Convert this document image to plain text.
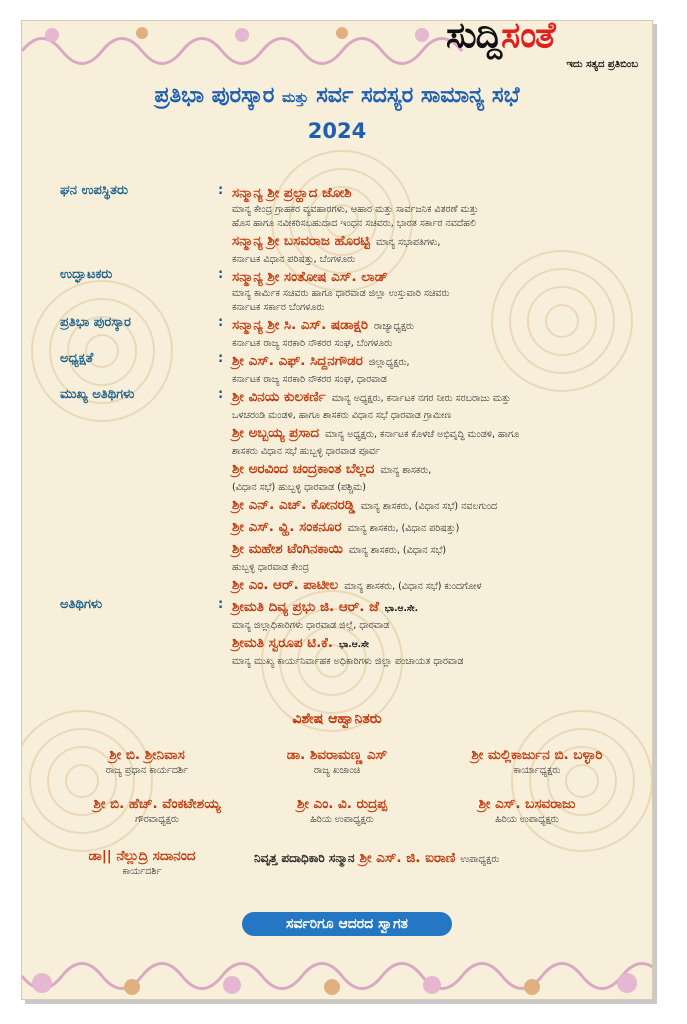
ಸುದ್ದಿಸಂತೆ
ಇದು ಸತ್ಯದ ಪ್ರತಿಬಿಂಬ
ಪ್ರತಿಭಾ ಪುರಸ್ಕಾರ ಮತ್ತು ಸರ್ವ ಸದಸ್ಯರ ಸಾಮಾನ್ಯ ಸಭೆ
2024
ಘನ ಉಪಸ್ಥಿತರು	: ಸನ್ಮಾನ್ಯ ಶ್ರೀ ಪ್ರಲ್ಹಾದ ಜೋಶಿ
ಮಾನ್ಯ ಕೇಂದ್ರ ಗ್ರಾಹಕರ ವ್ಯವಹಾರಗಳು, ಆಹಾರ ಮತ್ತು ಸಾರ್ವಜನಿಕ ವಿತರಣೆ ಮತ್ತು
ಹೊಸ ಹಾಗೂ ನವೀಕರಿಸಬಹುದಾದ ಇಂಧನ ಸಚಿವರು, ಭಾರತ ಸರ್ಕಾರ ನವದೆಹಲಿ
ಸನ್ಮಾನ್ಯ ಶ್ರೀ ಬಸವರಾಜ ಹೊರಟ್ಟಿ ಮಾನ್ಯ ಸಭಾಪತಿಗಳು,
ಕರ್ನಾಟಕ ವಿಧಾನ ಪರಿಷತ್ತು, ಬೆಂಗಳೂರು
ಉದ್ಘಾಟಕರು	: ಸನ್ಮಾನ್ಯ ಶ್ರೀ ಸಂತೋಷ ಎಸ್. ಲಾಡ್
ಮಾನ್ಯ ಕಾರ್ಮಿಕ ಸಚಿವರು ಹಾಗೂ ಧಾರವಾಡ ಜಿಲ್ಲಾ ಉಸ್ತುವಾರಿ ಸಚಿವರು
ಕರ್ನಾಟಕ ಸರ್ಕಾರ ಬೆಂಗಳೂರು
ಪ್ರತಿಭಾ ಪುರಸ್ಕಾರ	: ಸನ್ಮಾನ್ಯ ಶ್ರೀ ಸಿ. ಎಸ್. ಷಡಾಕ್ಷರಿ ರಾಜ್ಯಾಧ್ಯಕ್ಷರು
ಕರ್ನಾಟಕ ರಾಜ್ಯ ಸರಕಾರಿ ನೌಕರರ ಸಂಘ, ಬೆಂಗಳೂರು
ಅಧ್ಯಕ್ಷತೆ	: ಶ್ರೀ ಎಸ್. ಎಫ್. ಸಿದ್ದನಗೌಡರ ಜಿಲ್ಲಾಧ್ಯಕ್ಷರು,
ಕರ್ನಾಟಕ ರಾಜ್ಯ ಸರಕಾರಿ ನೌಕರರ ಸಂಘ, ಧಾರವಾಡ
ಮುಖ್ಯ ಅತಿಥಿಗಳು	: ಶ್ರೀ ವಿನಯ ಕುಲಕರ್ಣಿ ಮಾನ್ಯ ಅಧ್ಯಕ್ಷರು, ಕರ್ನಾಟಕ ನಗರ ನೀರು ಸರಬರಾಜು ಮತ್ತು
ಒಳಚರಂಡಿ ಮಂಡಳಿ, ಹಾಗೂ ಶಾಸಕರು ವಿಧಾನ ಸಭೆ ಧಾರವಾಡ ಗ್ರಾಮೀಣ
ಶ್ರೀ ಅಬ್ಬಯ್ಯ ಪ್ರಸಾದ ಮಾನ್ಯ ಅಧ್ಯಕ್ಷರು, ಕರ್ನಾಟಕ ಕೊಳಚೆ ಅಭಿವೃದ್ಧಿ ಮಂಡಳಿ, ಹಾಗೂ
ಶಾಸಕರು ವಿಧಾನ ಸಭೆ ಹುಬ್ಬಳ್ಳಿ ಧಾರವಾಡ ಪೂರ್ವ
ಶ್ರೀ ಅರವಿಂದ ಚಂದ್ರಕಾಂತ ಬೆಲ್ಲದ ಮಾನ್ಯ ಶಾಸಕರು,
(ವಿಧಾನ ಸಭೆ) ಹುಬ್ಬಳ್ಳಿ ಧಾರವಾಡ (ಪಶ್ಚಿಮ)
ಶ್ರೀ ಎನ್. ಎಚ್. ಕೋನರಡ್ಡಿ ಮಾನ್ಯ ಶಾಸಕರು, (ವಿಧಾನ ಸಭೆ) ನವಲಗುಂದ
ಶ್ರೀ ಎಸ್. ವ್ಹಿ. ಸಂಕನೂರ ಮಾನ್ಯ ಶಾಸಕರು, (ವಿಧಾನ ಪರಿಷತ್ತು)
ಶ್ರೀ ಮಹೇಶ ಟೆಂಗಿನಕಾಯಿ ಮಾನ್ಯ ಶಾಸಕರು, (ವಿಧಾನ ಸಭೆ)
ಹುಬ್ಬಳ್ಳಿ ಧಾರವಾಡ ಕೇಂದ್ರ
ಶ್ರೀ ಎಂ. ಆರ್. ಪಾಟೀಲ ಮಾನ್ಯ ಶಾಸಕರು, (ವಿಧಾನ ಸಭೆ) ಕುಂದಗೋಳ
ಅತಿಥಿಗಳು	: ಶ್ರೀಮತಿ ದಿವ್ಯ ಪ್ರಭು ಜಿ. ಆರ್. ಜೆ ಭಾ.ಆ.ಸೇ.
ಮಾನ್ಯ ಜಿಲ್ಲಾಧಿಕಾರಿಗಳು ಧಾರವಾಡ ಜಿಲ್ಲೆ, ಧಾರವಾಡ
ಶ್ರೀಮತಿ ಸ್ವರೂಪ ಟಿ.ಕೆ. ಭಾ.ಆ.ಸೇ
ಮಾನ್ಯ ಮುಖ್ಯ ಕಾರ್ಯನಿರ್ವಾಹಕ ಅಧಿಕಾರಿಗಳು ಜಿಲ್ಲಾ ಪಂಚಾಯತ ಧಾರವಾಡ
ವಿಶೇಷ ಆಹ್ವಾನಿತರು
ಶ್ರೀ ಬಿ. ಶ್ರೀನಿವಾಸ
ರಾಜ್ಯ ಪ್ರಧಾನ ಕಾರ್ಯದರ್ಶಿ
ಡಾ. ಶಿವರಾಮಣ್ಣ ಎಸ್
ರಾಜ್ಯ ಖಜಾಂಚಿ
ಶ್ರೀ ಮಲ್ಲಿಕಾರ್ಜುನ ಬಿ. ಬಳ್ಳಾರಿ
ಕಾರ್ಯಾಧ್ಯಕ್ಷರು
ಶ್ರೀ ಬಿ. ಹೆಚ್. ವೆಂಕಟೇಶಯ್ಯ
ಗೌರವಾಧ್ಯಕ್ಷರು
ಶ್ರೀ ಎಂ. ವಿ. ರುದ್ರಪ್ಪ
ಹಿರಿಯ ಉಪಾಧ್ಯಕ್ಷರು
ಶ್ರೀ ಎಸ್. ಬಸವರಾಜು
ಹಿರಿಯ ಉಪಾಧ್ಯಕ್ಷರು
ಡಾ|| ನೆಲ್ಲುದ್ರಿ ಸದಾನಂದ
ಕಾರ್ಯದರ್ಶಿ
ನಿವೃತ್ತ ಪದಾಧಿಕಾರಿ ಸನ್ಮಾನ ಶ್ರೀ ಎಸ್. ಜಿ. ಐರಾಣಿ ಉಪಾಧ್ಯಕ್ಷರು
ಸರ್ವರಿಗೂ ಆದರದ ಸ್ವಾಗತ
